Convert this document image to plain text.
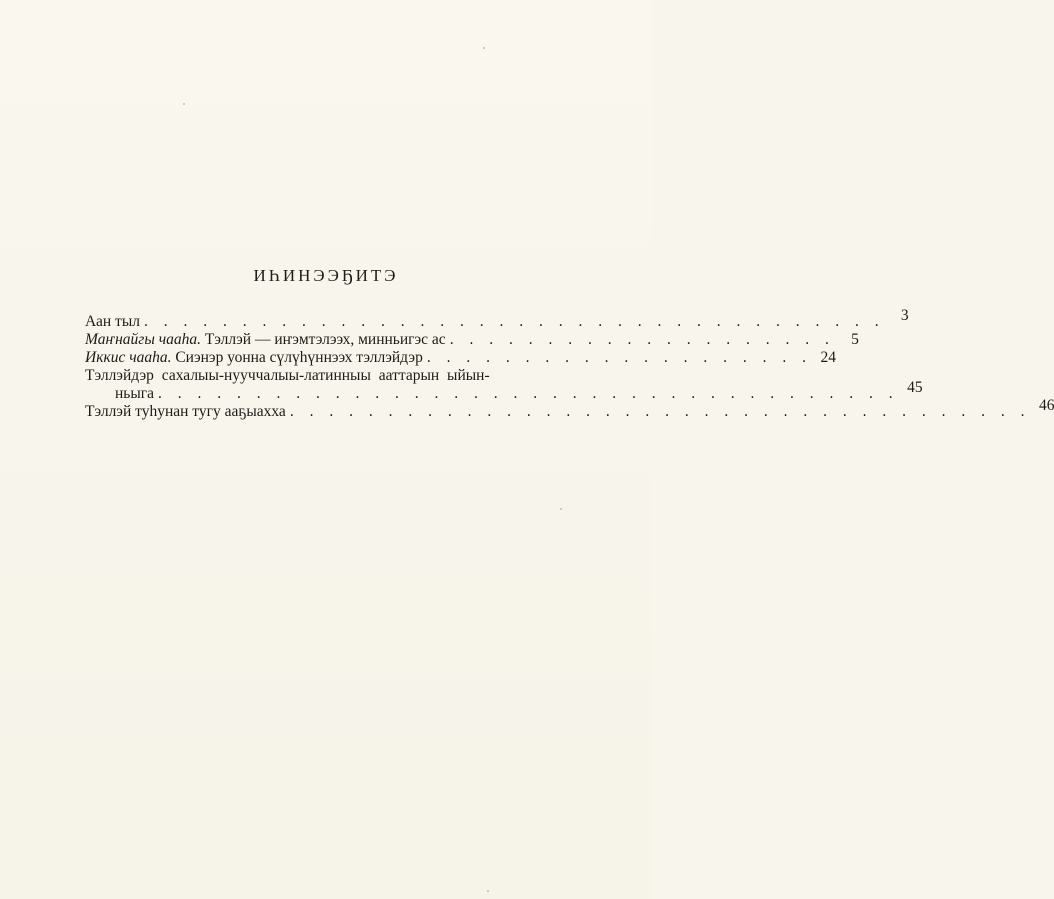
ИҺИНЭЭҔИТЭ
Аан тыл . . . . . . . . . . . . . . . . . . . . . . . . . . . . . . . . . . . . . .	3
Маҥнайгы чааһа. Тэллэй — иҥэмтэлээх, минньигэс ас . . . . . . . . . . . . . . . . . . . .	5
Иккис чааһа. Сиэнэр уонна сүлүһүннээх тэллэйдэр . . . . . . . . . . . . . . . . . . . . 24
Тэллэйдэр сахалыы-нууччалыы-латинныы ааттарын ыйын-
ньыга . . . . . . . . . . . . . . . . . . . . . . . . . . . . . . . . . . . . . . 45
Тэллэй туһунан тугу ааҕыахха . . . . . . . . . . . . . . . . . . . . . . . . . . . . . . . . . . . . . . 46
